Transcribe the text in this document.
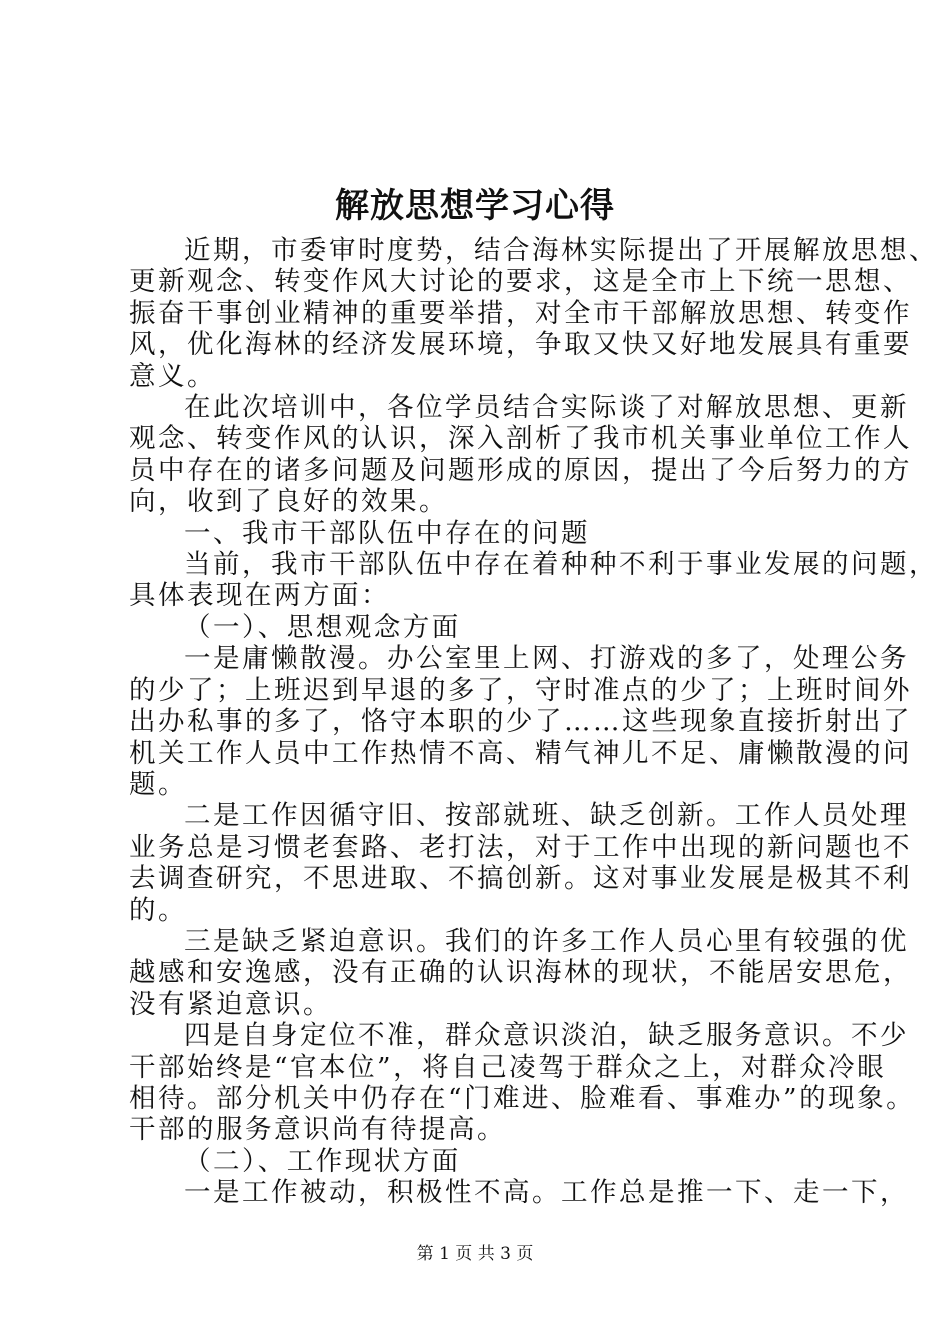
解放思想学习心得
近期，市委审时度势，结合海林实际提出了开展解放思想、
更新观念、转变作风大讨论的要求，这是全市上下统一思想、
振奋干事创业精神的重要举措，对全市干部解放思想、转变作
风，优化海林的经济发展环境，争取又快又好地发展具有重要
意义。
在此次培训中，各位学员结合实际谈了对解放思想、更新
观念、转变作风的认识，深入剖析了我市机关事业单位工作人
员中存在的诸多问题及问题形成的原因，提出了今后努力的方
向，收到了良好的效果。
一、我市干部队伍中存在的问题
当前，我市干部队伍中存在着种种不利于事业发展的问题，
具体表现在两方面：
（一）、思想观念方面
一是庸懒散漫。办公室里上网、打游戏的多了，处理公务
的少了；上班迟到早退的多了，守时准点的少了；上班时间外
出办私事的多了，恪守本职的少了……这些现象直接折射出了
机关工作人员中工作热情不高、精气神儿不足、庸懒散漫的问
题。
二是工作因循守旧、按部就班、缺乏创新。工作人员处理
业务总是习惯老套路、老打法，对于工作中出现的新问题也不
去调查研究，不思进取、不搞创新。这对事业发展是极其不利
的。
三是缺乏紧迫意识。我们的许多工作人员心里有较强的优
越感和安逸感，没有正确的认识海林的现状，不能居安思危，
没有紧迫意识。
四是自身定位不准，群众意识淡泊，缺乏服务意识。不少
干部始终是“官本位”，将自己凌驾于群众之上，对群众冷眼
相待。部分机关中仍存在“门难进、脸难看、事难办”的现象。
干部的服务意识尚有待提高。
（二）、工作现状方面
一是工作被动，积极性不高。工作总是推一下、走一下，
第 1 页 共 3 页
